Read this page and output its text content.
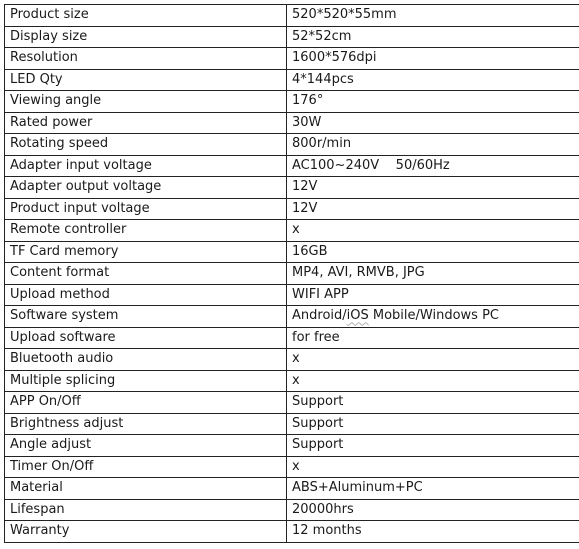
Product size	520*520*55mm
Display size	52*52cm
Resolution	1600*576dpi
LED Qty	4*144pcs
Viewing angle	176°
Rated power	30W
Rotating speed	800r/min
Adapter input voltage	AC100~240V    50/60Hz
Adapter output voltage	12V
Product input voltage	12V
Remote controller	x
TF Card memory	16GB
Content format	MP4, AVI, RMVB, JPG
Upload method	WIFI APP
Software system	Android/iOS Mobile/Windows PC
Upload software	for free
Bluetooth audio	x
Multiple splicing	x
APP On/Off	Support
Brightness adjust	Support
Angle adjust	Support
Timer On/Off	x
Material	ABS+Aluminum+PC
Lifespan	20000hrs
Warranty	12 months
